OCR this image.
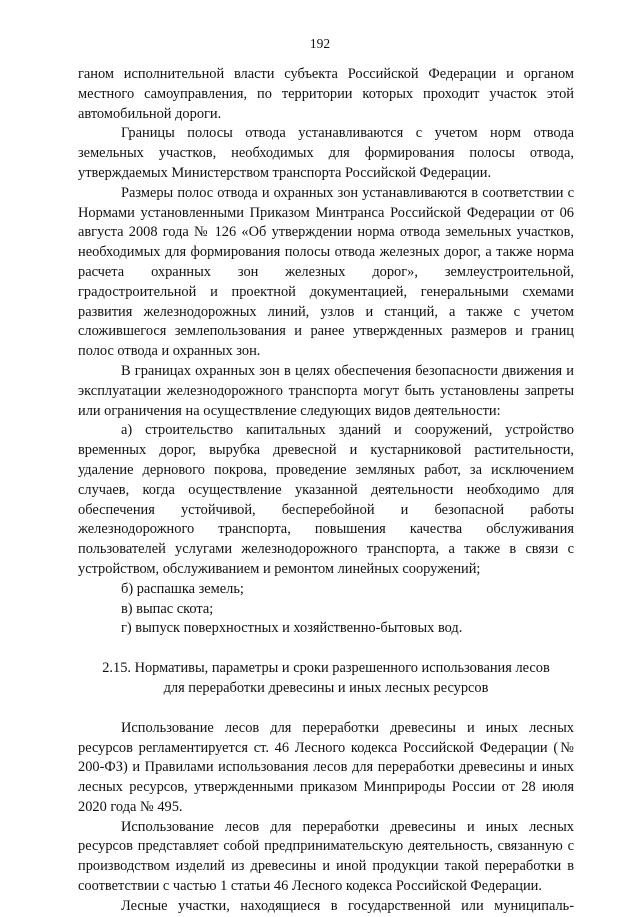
192

ганом исполнительной власти субъекта Российской Федерации и органом местного самоуправления, по территории которых проходит участок этой автомобильной дороги.

Границы полосы отвода устанавливаются с учетом норм отвода земельных участков, необходимых для формирования полосы отвода, утверждаемых Министерством транспорта Российской Федерации.

Размеры полос отвода и охранных зон устанавливаются в соответствии с Нормами установленными Приказом Минтранса Российской Федерации от 06 августа 2008 года № 126 «Об утверждении норма отвода земельных участков, необходимых для формирования полосы отвода железных дорог, а также норма расчета охранных зон железных дорог», землеустроительной, градостроительной и проектной документацией, генеральными схемами развития железнодорожных линий, узлов и станций, а также с учетом сложившегося землепользования и ранее утвержденных размеров и границ полос отвода и охранных зон.

В границах охранных зон в целях обеспечения безопасности движения и эксплуатации железнодорожного транспорта могут быть установлены запреты или ограничения на осуществление следующих видов деятельности:

а) строительство капитальных зданий и сооружений, устройство временных дорог, вырубка древесной и кустарниковой растительности, удаление дернового покрова, проведение земляных работ, за исключением случаев, когда осуществление указанной деятельности необходимо для обеспечения устойчивой, бесперебойной и безопасной работы железнодорожного транспорта, повышения качества обслуживания пользователей услугами железнодорожного транспорта, а также в связи с устройством, обслуживанием и ремонтом линейных сооружений;

б) распашка земель;

в) выпас скота;

г) выпуск поверхностных и хозяйственно-бытовых вод.

2.15. Нормативы, параметры и сроки разрешенного использования лесов
для переработки древесины и иных лесных ресурсов

Использование лесов для переработки древесины и иных лесных ресурсов регламентируется ст. 46 Лесного кодекса Российской Федерации (№ 200-ФЗ) и Правилами использования лесов для переработки древесины и иных лесных ресурсов, утвержденными приказом Минприроды России от 28 июля 2020 года № 495.

Использование лесов для переработки древесины и иных лесных ресурсов представляет собой предпринимательскую деятельность, связанную с производством изделий из древесины и иной продукции такой переработки в соответствии с частью 1 статьи 46 Лесного кодекса Российской Федерации.

Лесные участки, находящиеся в государственной или муниципаль-
